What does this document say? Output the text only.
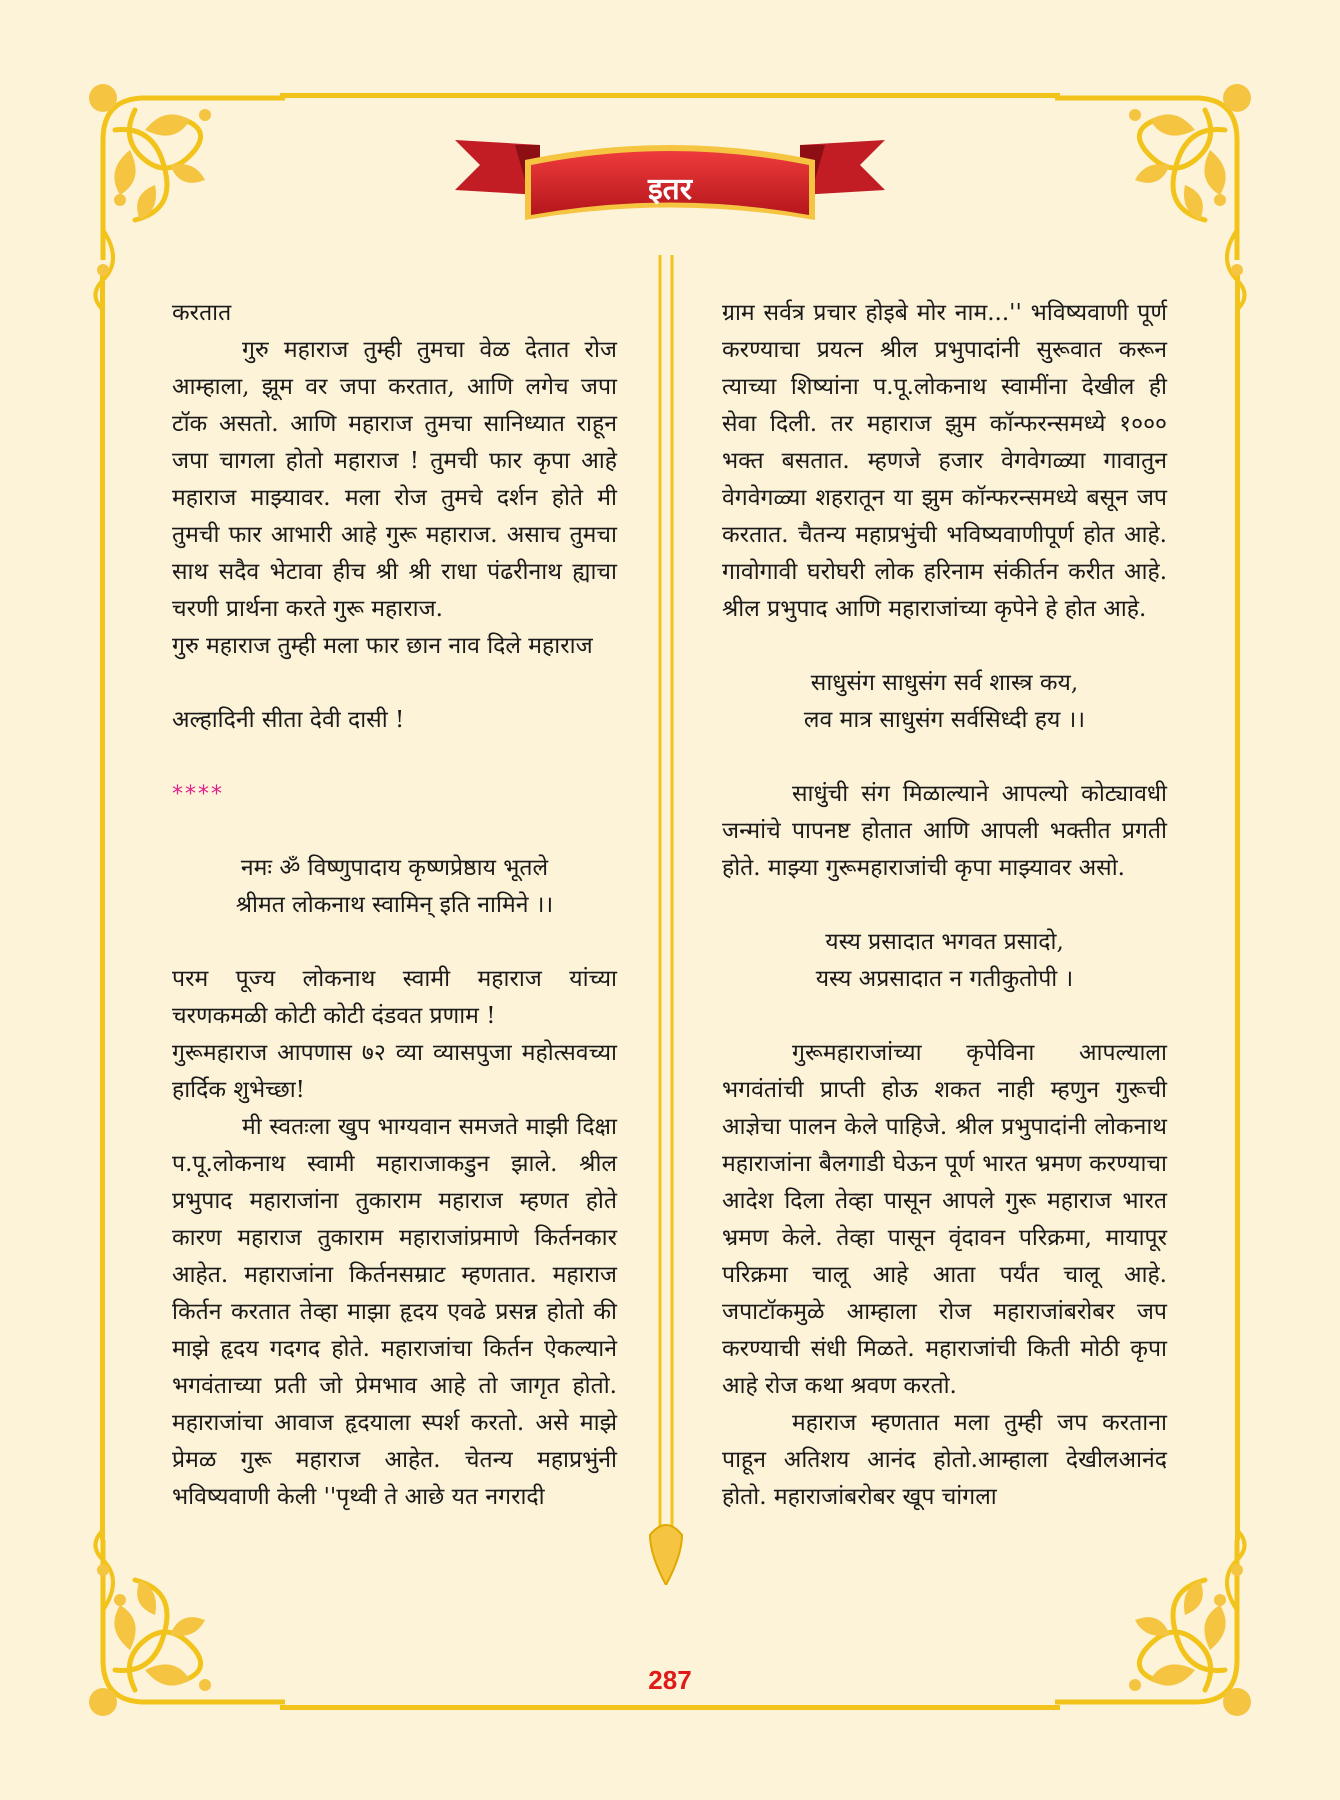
इतर

करतात

गुरु महाराज तुम्ही तुमचा वेळ देतात रोज आम्हाला, झूम वर जपा करतात, आणि लगेच जपा टॉक असतो. आणि महाराज तुमचा सानिध्यात राहून जपा चागला होतो महाराज ! तुमची फार कृपा आहे महाराज माझ्यावर. मला रोज तुमचे दर्शन होते मी तुमची फार आभारी आहे गुरू महाराज. असाच तुमचा साथ सदैव भेटावा हीच श्री श्री राधा पंढरीनाथ ह्याचा चरणी प्रार्थना करते गुरू महाराज.

गुरु महाराज तुम्ही मला फार छान नाव दिले महाराज

अल्हादिनी सीता देवी दासी !

****

नमः ॐ विष्णुपादाय कृष्णप्रेष्ठाय भूतले

श्रीमत लोकनाथ स्वामिन् इति नामिने ।।

परम पूज्य लोकनाथ स्वामी महाराज यांच्या चरणकमळी कोटी कोटी दंडवत प्रणाम !

गुरूमहाराज आपणास ७२ व्या व्यासपुजा महोत्सवच्या हार्दिक शुभेच्छा!

मी स्वतःला खुप भाग्यवान समजते माझी दिक्षा प.पू.लोकनाथ स्वामी महाराजाकडुन झाले. श्रील प्रभुपाद महाराजांना तुकाराम महाराज म्हणत होते कारण महाराज तुकाराम महाराजांप्रमाणे किर्तनकार आहेत. महाराजांना किर्तनसम्राट म्हणतात. महाराज किर्तन करतात तेव्हा माझा हृदय एवढे प्रसन्न होतो की माझे हृदय गदगद होते. महाराजांचा किर्तन ऐकल्याने भगवंताच्या प्रती जो प्रेमभाव आहे तो जागृत होतो. महाराजांचा आवाज हृदयाला स्पर्श करतो. असे माझे प्रेमळ गुरू महाराज आहेत. चेतन्य महाप्रभुंनी भविष्यवाणी केली ''पृथ्वी ते आछे यत नगरादी

ग्राम सर्वत्र प्रचार होइबे मोर नाम...'' भविष्यवाणी पूर्ण करण्याचा प्रयत्न श्रील प्रभुपादांनी सुरूवात करून त्याच्या शिष्यांना प.पू.लोकनाथ स्वामींना देखील ही सेवा दिली. तर महाराज झुम कॉन्फरन्समध्ये १००० भक्त बसतात. म्हणजे हजार वेगवेगळ्या गावातुन वेगवेगळ्या शहरातून या झुम कॉन्फरन्समध्ये बसून जप करतात. चैतन्य महाप्रभुंची भविष्यवाणीपूर्ण होत आहे. गावोगावी घरोघरी लोक हरिनाम संकीर्तन करीत आहे. श्रील प्रभुपाद आणि महाराजांच्या कृपेने हे होत आहे.

साधुसंग साधुसंग सर्व शास्त्र कय,

लव मात्र साधुसंग सर्वसिध्दी हय ।।

साधुंची संग मिळाल्याने आपल्यो कोट्यावधी जन्मांचे पापनष्ट होतात आणि आपली भक्तीत प्रगती होते. माझ्या गुरूमहाराजांची कृपा माझ्यावर असो.

यस्य प्रसादात भगवत प्रसादो,

यस्य अप्रसादात न गतीकुतोपी ।

गुरूमहाराजांच्या कृपेविना आपल्याला भगवंतांची प्राप्ती होऊ शकत नाही म्हणुन गुरूची आज्ञेचा पालन केले पाहिजे. श्रील प्रभुपादांनी लोकनाथ महाराजांना बैलगाडी घेऊन पूर्ण भारत भ्रमण करण्याचा आदेश दिला तेव्हा पासून आपले गुरू महाराज भारत भ्रमण केले. तेव्हा पासून वृंदावन परिक्रमा, मायापूर परिक्रमा चालू आहे आता पर्यंत चालू आहे. जपाटॉकमुळे आम्हाला रोज महाराजांबरोबर जप करण्याची संधी मिळते. महाराजांची किती मोठी कृपा आहे रोज कथा श्रवण करतो.

महाराज म्हणतात मला तुम्ही जप करताना पाहून अतिशय आनंद होतो.आम्हाला देखीलआनंद होतो. महाराजांबरोबर खूप चांगला

287
